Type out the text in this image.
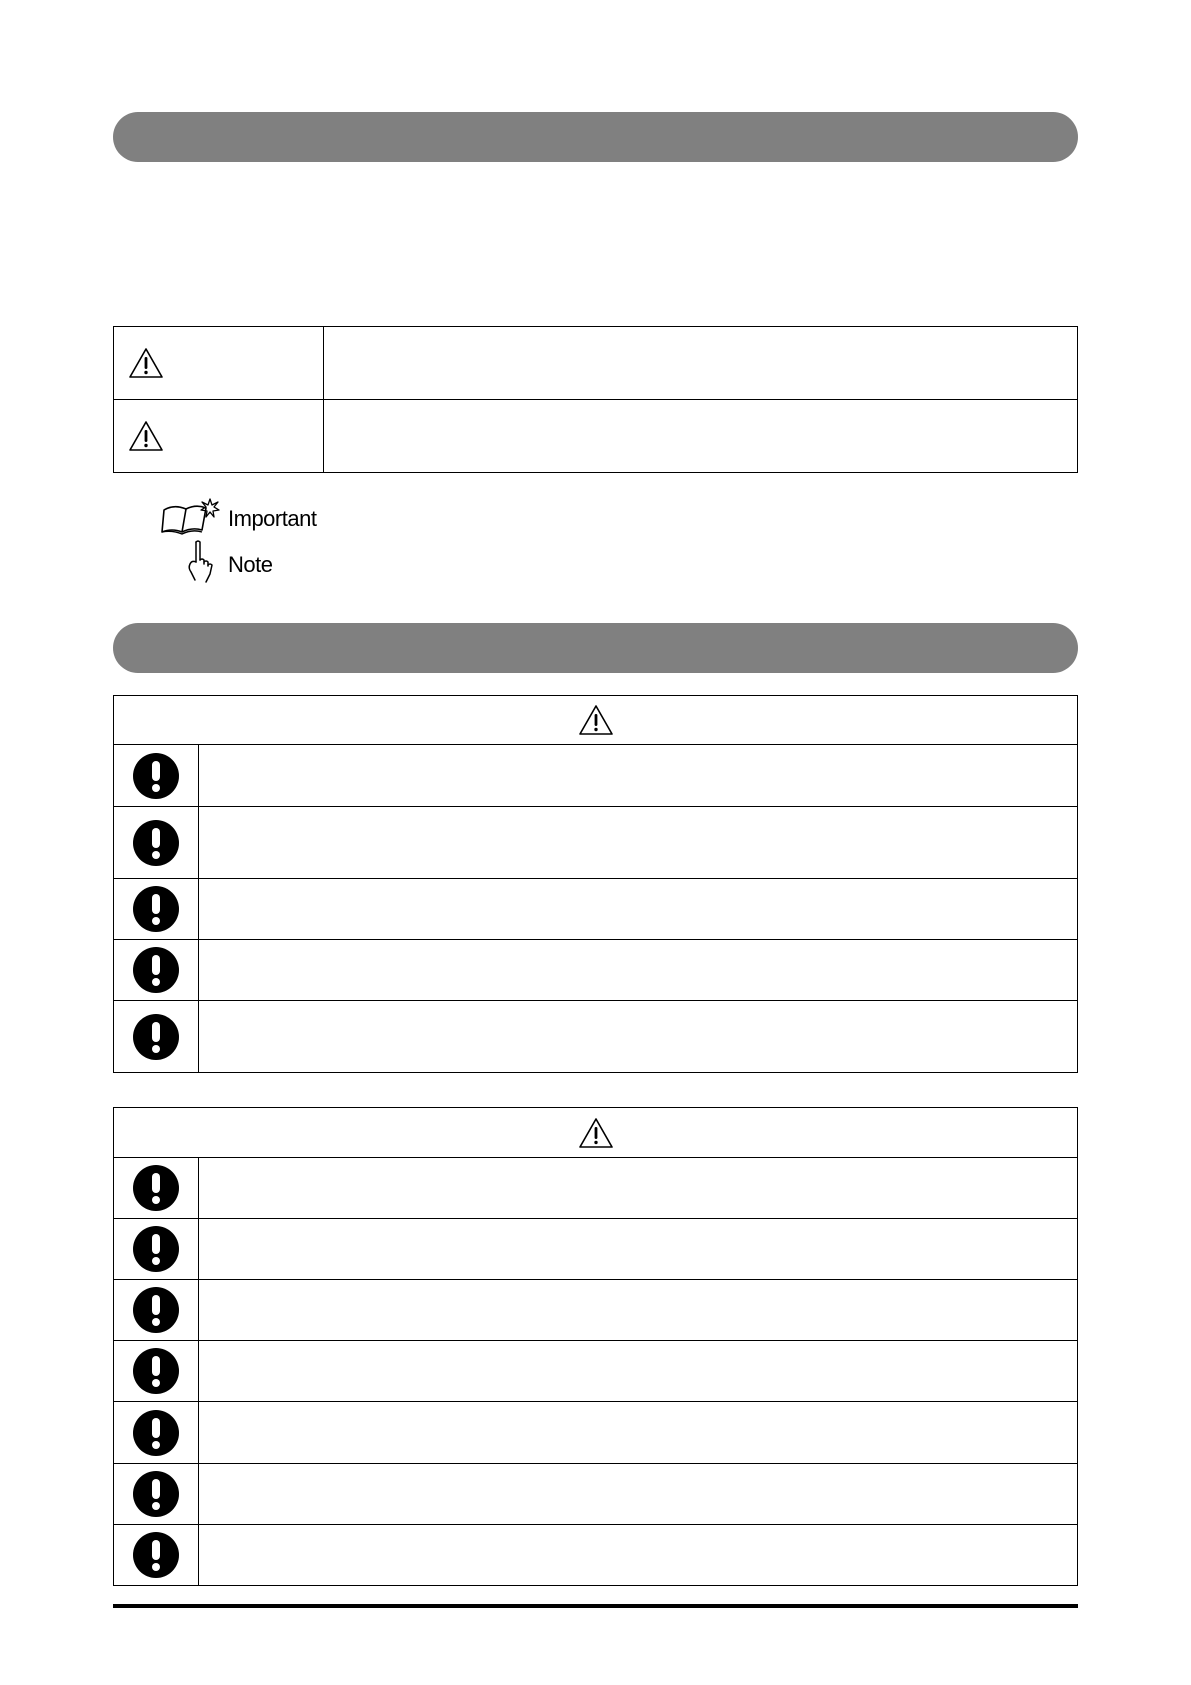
Important
Note
